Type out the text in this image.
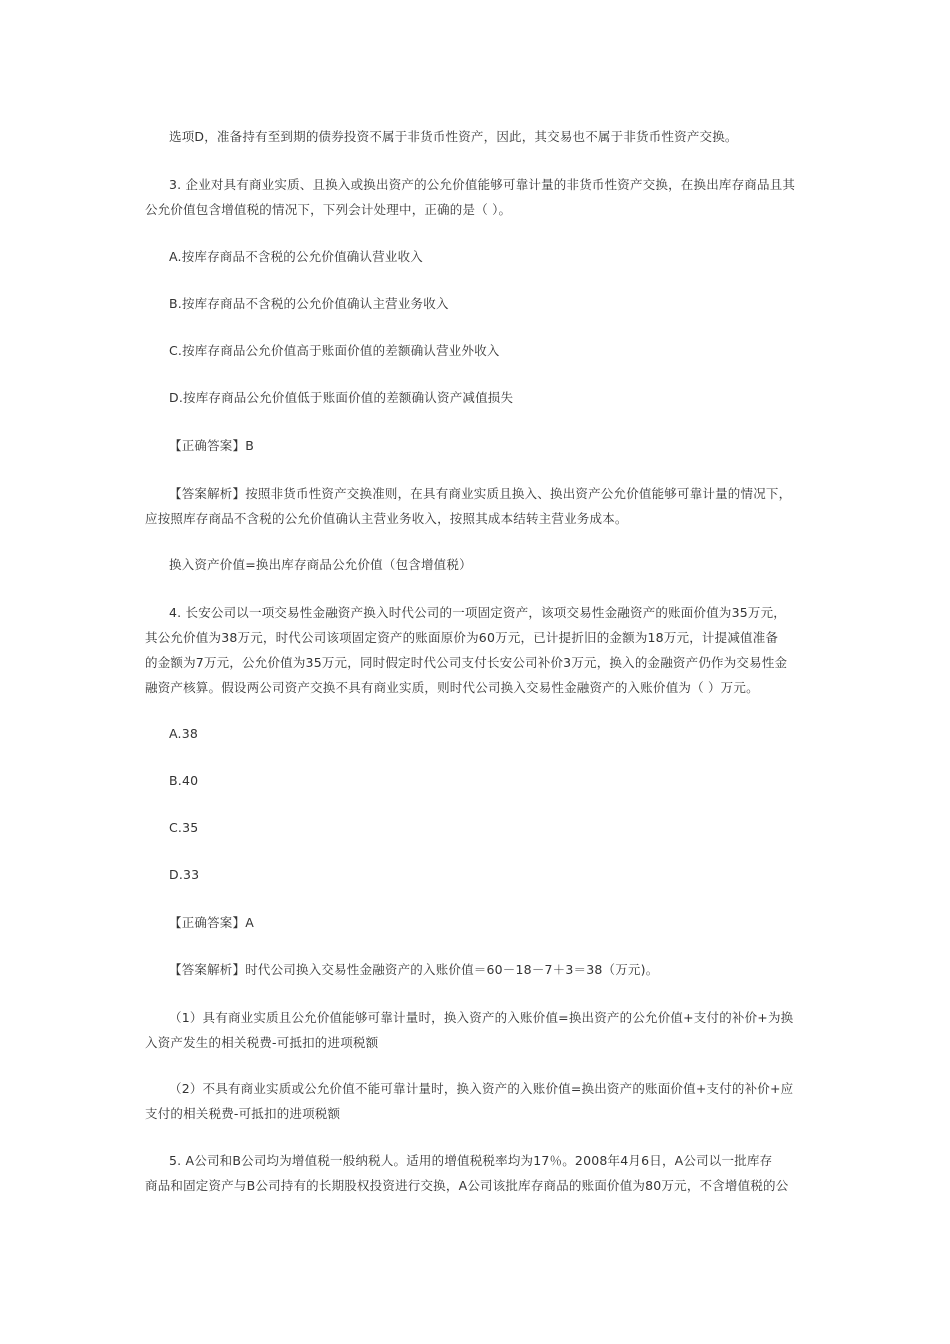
选项D，准备持有至到期的债券投资不属于非货币性资产，因此，其交易也不属于非货币性资产交换。
3. 企业对具有商业实质、且换入或换出资产的公允价值能够可靠计量的非货币性资产交换，在换出库存商品且其
公允价值包含增值税的情况下，下列会计处理中，正确的是（ ）。
A.按库存商品不含税的公允价值确认营业收入
B.按库存商品不含税的公允价值确认主营业务收入
C.按库存商品公允价值高于账面价值的差额确认营业外收入
D.按库存商品公允价值低于账面价值的差额确认资产减值损失
【正确答案】B
【答案解析】按照非货币性资产交换准则，在具有商业实质且换入、换出资产公允价值能够可靠计量的情况下，
应按照库存商品不含税的公允价值确认主营业务收入，按照其成本结转主营业务成本。
换入资产价值=换出库存商品公允价值（包含增值税）
4. 长安公司以一项交易性金融资产换入时代公司的一项固定资产，该项交易性金融资产的账面价值为35万元，
其公允价值为38万元，时代公司该项固定资产的账面原价为60万元，已计提折旧的金额为18万元，计提减值准备
的金额为7万元，公允价值为35万元，同时假定时代公司支付长安公司补价3万元，换入的金融资产仍作为交易性金
融资产核算。假设两公司资产交换不具有商业实质，则时代公司换入交易性金融资产的入账价值为（ ）万元。
A.38
B.40
C.35
D.33
【正确答案】A
【答案解析】时代公司换入交易性金融资产的入账价值＝60－18－7＋3＝38（万元)。
（1）具有商业实质且公允价值能够可靠计量时，换入资产的入账价值=换出资产的公允价值+支付的补价+为换
入资产发生的相关税费-可抵扣的进项税额
（2）不具有商业实质或公允价值不能可靠计量时，换入资产的入账价值=换出资产的账面价值+支付的补价+应
支付的相关税费-可抵扣的进项税额
5. A公司和B公司均为增值税一般纳税人。适用的增值税税率均为17％。2008年4月6日，A公司以一批库存
商品和固定资产与B公司持有的长期股权投资进行交换，A公司该批库存商品的账面价值为80万元，不含增值税的公
